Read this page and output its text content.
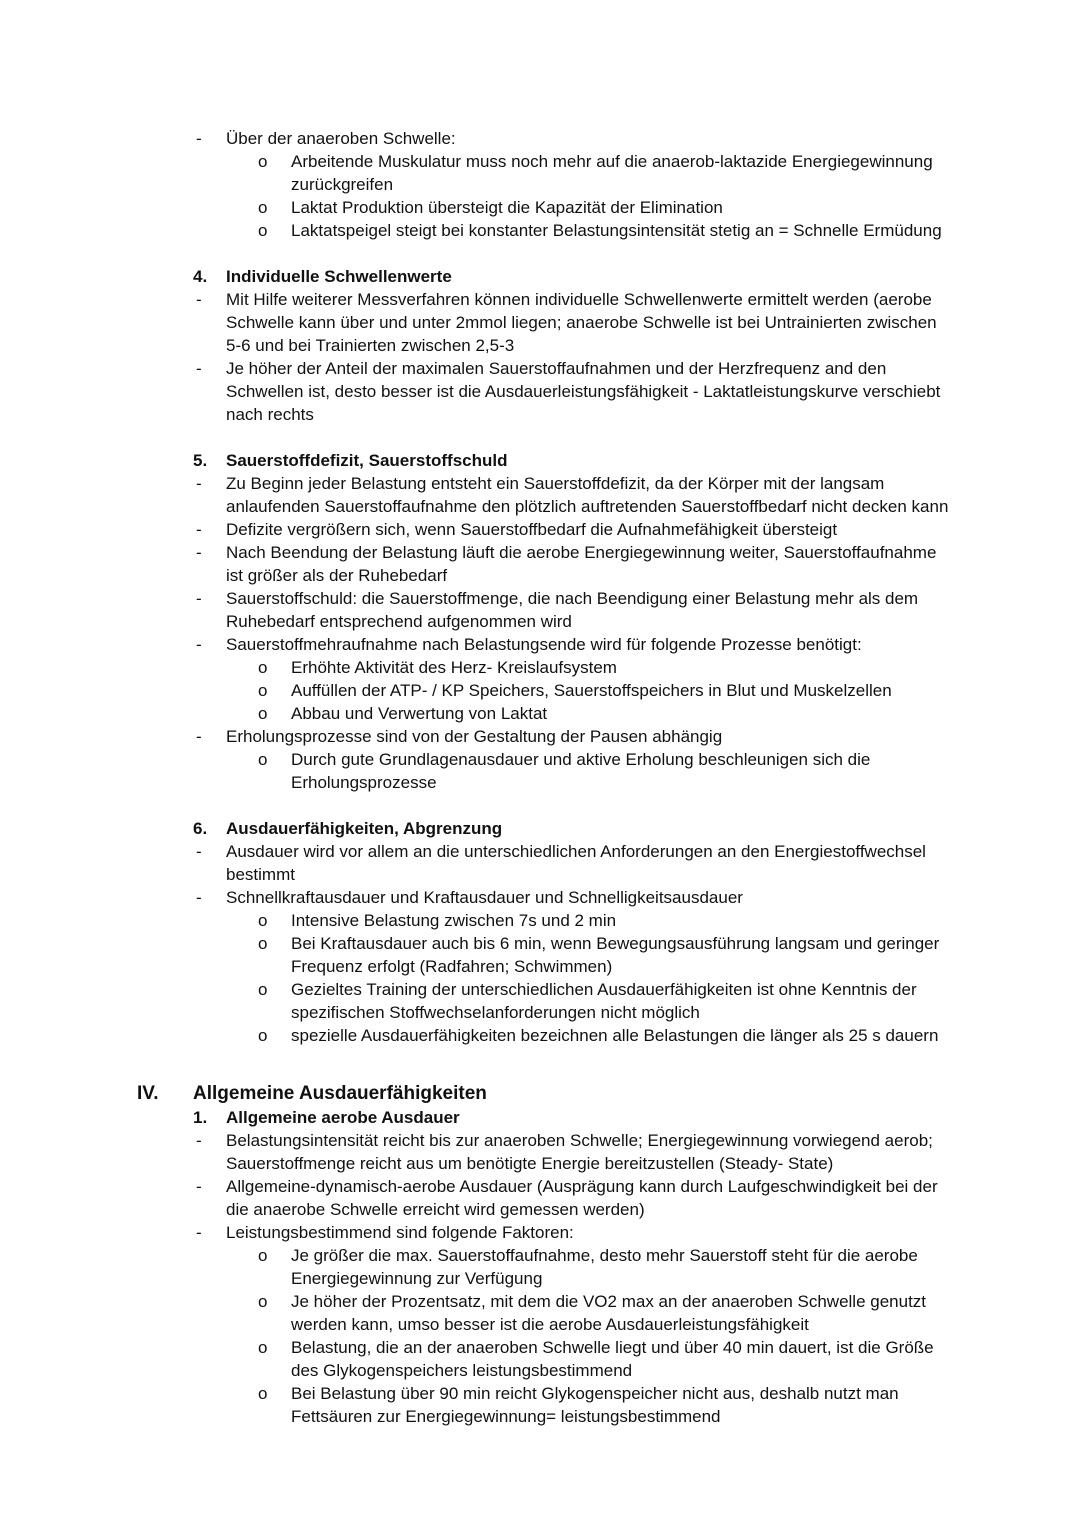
- Über der anaeroben Schwelle:
o Arbeitende Muskulatur muss noch mehr auf die anaerob-laktazide Energiegewinnung zurückgreifen
o Laktat Produktion übersteigt die Kapazität der Elimination
o Laktatspeigel steigt bei konstanter Belastungsintensität stetig an = Schnelle Ermüdung
4. Individuelle Schwellenwerte
- Mit Hilfe weiterer Messverfahren können individuelle Schwellenwerte ermittelt werden (aerobe Schwelle kann über und unter 2mmol liegen; anaerobe Schwelle ist bei Untrainierten zwischen 5-6 und bei Trainierten zwischen 2,5-3
- Je höher der Anteil der maximalen Sauerstoffaufnahmen und der Herzfrequenz and den Schwellen ist, desto besser ist die Ausdauerleistungsfähigkeit - Laktatleistungskurve verschiebt nach rechts
5. Sauerstoffdefizit, Sauerstoffschuld
- Zu Beginn jeder Belastung entsteht ein Sauerstoffdefizit, da der Körper mit der langsam anlaufenden Sauerstoffaufnahme den plötzlich auftretenden Sauerstoffbedarf nicht decken kann
- Defizite vergrößern sich, wenn Sauerstoffbedarf die Aufnahmefähigkeit übersteigt
- Nach Beendung der Belastung läuft die aerobe Energiegewinnung weiter, Sauerstoffaufnahme ist größer als der Ruhebedarf
- Sauerstoffschuld: die Sauerstoffmenge, die nach Beendigung einer Belastung mehr als dem Ruhebedarf entsprechend aufgenommen wird
- Sauerstoffmehraufnahme nach Belastungsende wird für folgende Prozesse benötigt:
o Erhöhte Aktivität des Herz- Kreislaufsystem
o Auffüllen der ATP- / KP Speichers, Sauerstoffspeichers in Blut und Muskelzellen
o Abbau und Verwertung von Laktat
- Erholungsprozesse sind von der Gestaltung der Pausen abhängig
o Durch gute Grundlagenausdauer und aktive Erholung beschleunigen sich die Erholungsprozesse
6. Ausdauerfähigkeiten, Abgrenzung
- Ausdauer wird vor allem an die unterschiedlichen Anforderungen an den Energiestoffwechsel bestimmt
- Schnellkraftausdauer und Kraftausdauer und Schnelligkeitsausdauer
o Intensive Belastung zwischen 7s und 2 min
o Bei Kraftausdauer auch bis 6 min, wenn Bewegungsausführung langsam und geringer Frequenz erfolgt (Radfahren; Schwimmen)
o Gezieltes Training der unterschiedlichen Ausdauerfähigkeiten ist ohne Kenntnis der spezifischen Stoffwechselanforderungen nicht möglich
o spezielle Ausdauerfähigkeiten bezeichnen alle Belastungen die länger als 25 s dauern
IV. Allgemeine Ausdauerfähigkeiten
1. Allgemeine aerobe Ausdauer
- Belastungsintensität reicht bis zur anaeroben Schwelle; Energiegewinnung vorwiegend aerob; Sauerstoffmenge reicht aus um benötigte Energie bereitzustellen (Steady- State)
- Allgemeine-dynamisch-aerobe Ausdauer (Ausprägung kann durch Laufgeschwindigkeit bei der die anaerobe Schwelle erreicht wird gemessen werden)
- Leistungsbestimmend sind folgende Faktoren:
o Je größer die max. Sauerstoffaufnahme, desto mehr Sauerstoff steht für die aerobe Energiegewinnung zur Verfügung
o Je höher der Prozentsatz, mit dem die VO2 max an der anaeroben Schwelle genutzt werden kann, umso besser ist die aerobe Ausdauerleistungsfähigkeit
o Belastung, die an der anaeroben Schwelle liegt und über 40 min dauert, ist die Größe des Glykogenspeichers leistungsbestimmend
o Bei Belastung über 90 min reicht Glykogenspeicher nicht aus, deshalb nutzt man Fettsäuren zur Energiegewinnung= leistungsbestimmend
